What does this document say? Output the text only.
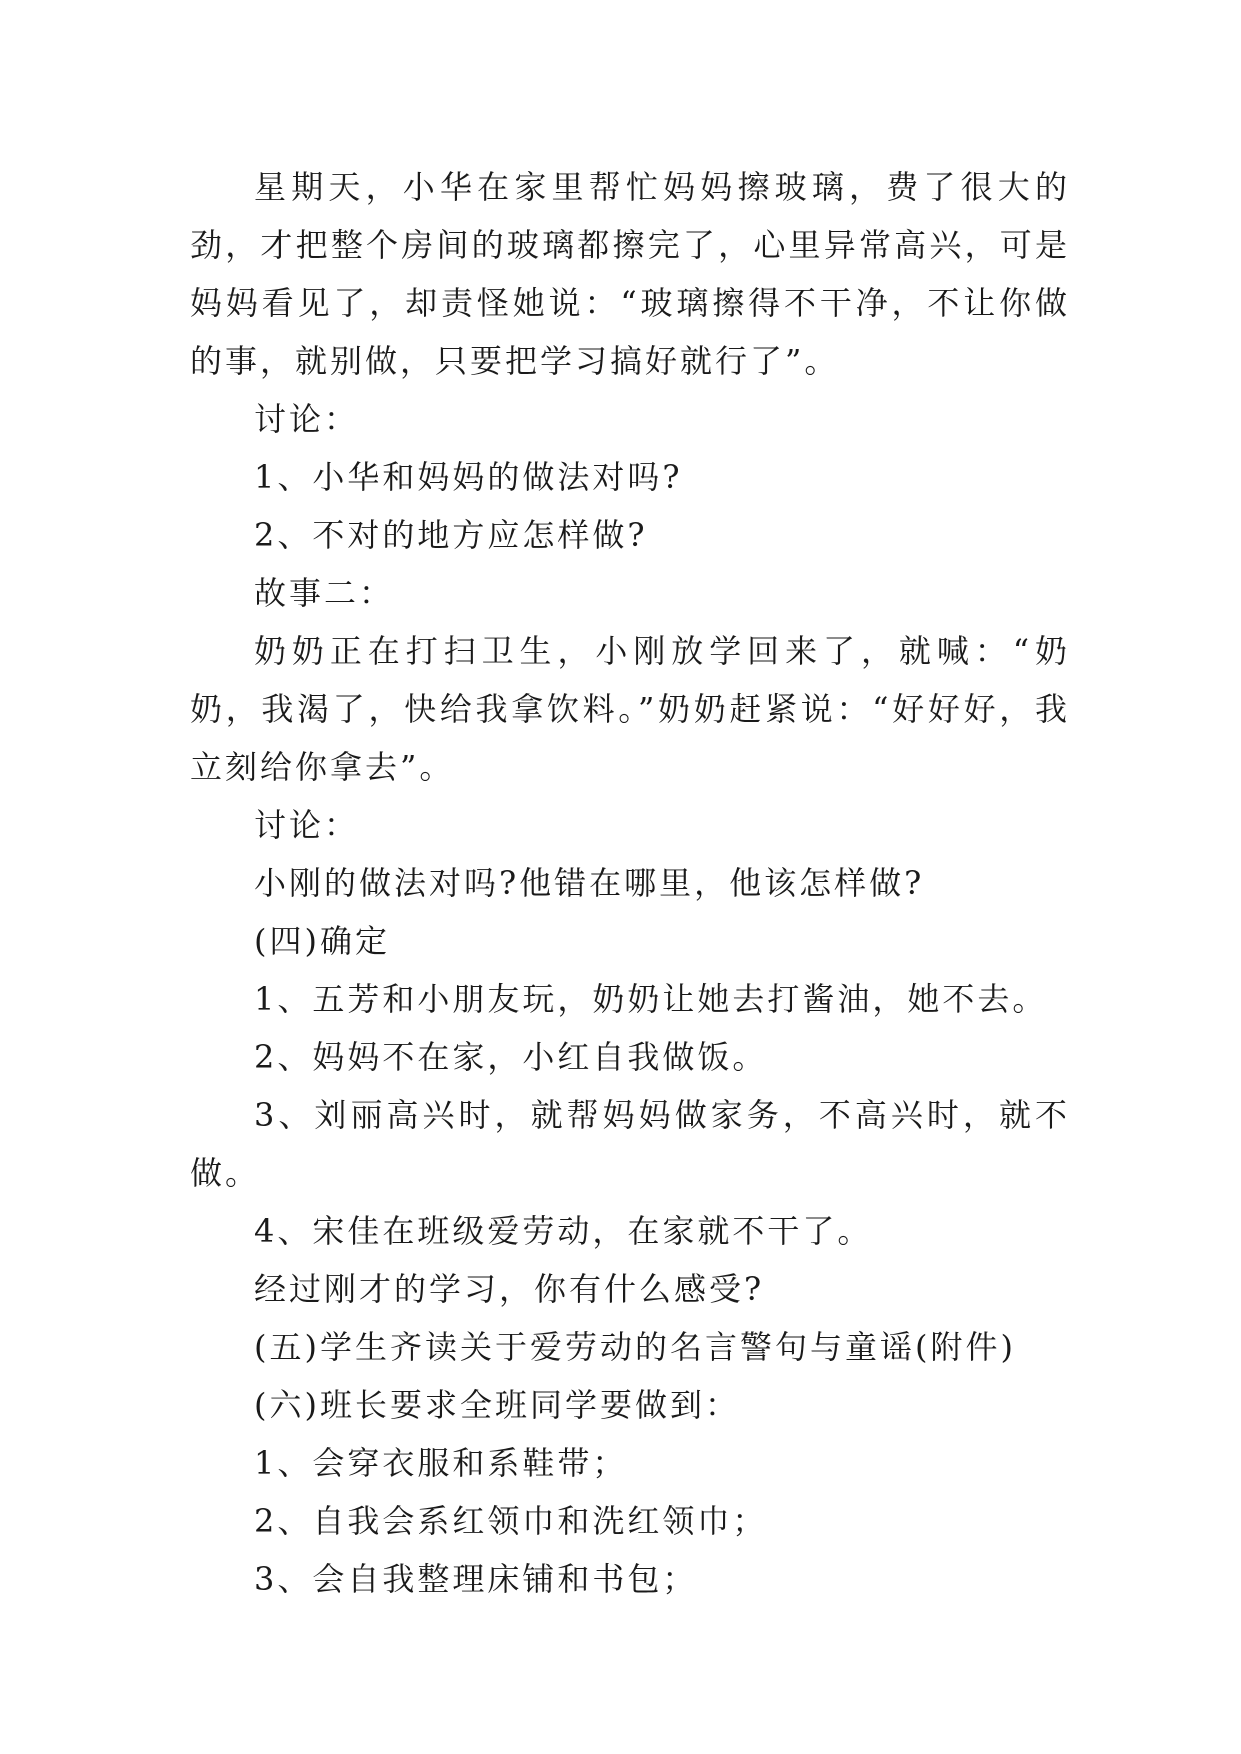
星期天，小华在家里帮忙妈妈擦玻璃，费了很大的劲，才把整个房间的玻璃都擦完了，心里异常高兴，可是妈妈看见了，却责怪她说：“玻璃擦得不干净，不让你做的事，就别做，只要把学习搞好就行了”。

讨论：

1、小华和妈妈的做法对吗?

2、不对的地方应怎样做?

故事二：

奶奶正在打扫卫生，小刚放学回来了，就喊：“奶奶，我渴了，快给我拿饮料。”奶奶赶紧说：“好好好，我立刻给你拿去”。

讨论：

小刚的做法对吗?他错在哪里，他该怎样做?

(四)确定

1、五芳和小朋友玩，奶奶让她去打酱油，她不去。

2、妈妈不在家，小红自我做饭。

3、刘丽高兴时，就帮妈妈做家务，不高兴时，就不做。

4、宋佳在班级爱劳动，在家就不干了。

经过刚才的学习，你有什么感受?

(五)学生齐读关于爱劳动的名言警句与童谣(附件)

(六)班长要求全班同学要做到：

1、会穿衣服和系鞋带；

2、自我会系红领巾和洗红领巾；

3、会自我整理床铺和书包；
